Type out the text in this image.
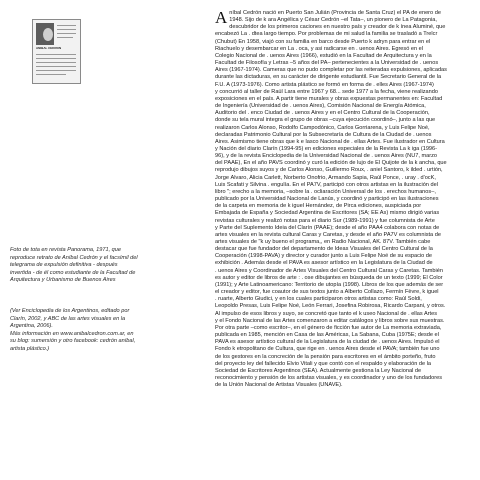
ANIBAL CEDRON
Foto de tota en revista Panorama, 1971, que
reproduce retrato de Aníbal Cedrón y el facsímil del
telegrama de expulsión definitiva - después
invertida - de él como estudiante de la Facultad de
Arquitectura y Urbanismo de Buenos Aires
(Ver Enciclopedia de los Argentinos, editado por
Clarín, 2002, y ABC de las artes visuales en la
Argentina, 2006).
Más información en www.anibalcedron.com.ar, en
su blog: sumersión y otro facebook: cedrón aníbal,
artista plástico.)
A níbal Cedrón nació en Puerto San Julián (Provincia de Santa Cruz) el PA de enero de
1948. Sijo de k ara Angélica y César Cedrón –el Tata–, un pionero de La Patagonia,
descubridor de los primeros caciones en nuestro país y creador de k ínea Aluminé, que
encabezó La . dtea largo tiempo. Por problemas de mi salud la familia se trasladó a Trelcr
(Chubut) En 1958, viajó con su familia en barco desde Puerto k adryn para entrar en el
Riachuelo y desembarcar en La . oca, y asi radicarse en . uenos Aires. Egresó en el
Colegio Nacional de . uenos Aires (1966), estudió en la Facultad de Arquitectura y en la
Facultad de Filosofía y Letras –5 años del PA– pertenecientes a la Universidad de . uenos
Aires (1967-1974). Cameras que no pudo completar por las reiteradas expulsiones, aplicadas
durante las dictaduras, en su carácter de dirigente estudiantil. Fue Secretario General de la
F.U. A (1973-1976). Como artista plástico se formó en forma de . elles Aires (1967-1974)
y concurrió al taller de Raúl Lara entre 1967 y 68... sede 1977 a la fecha, viene realizando
exposiciones en el país. A partir tiene murales y obras expuestas permanentes en: Facultad
de Ingeniería (Universidad de . uenos Aires), Comisión Nacional de Energía Atómica,
Auditorio del . enco Ciudad de . uenos Aires y en el Centro Cultural de la Cooperación,
donde su tela mural integra el grupo de obras –cuya ejecución coordinó–, junto a las que
realizaron Carlos Alonso, Rodolfo Campodónico, Carlos Gorriarena, y Luis Felipe Noé,
declaradas Patrimonio Cultural por la Subsecretaría de Cultura de la Ciudad de . uenos
Aires. Asimismo tiene obras que k e lasco Nacional de . ellas Artes. Fue ilustrador en Cultura
y Nación del diario Clarín (1994-95) en ediciones especiales de la Revista La k iga (1996-
96), y de la revista Enciclopedia de la Universidad Nacional de . uenos Aires (NU7, marzo
del PAAE), En el año PAVS coordinó y curó la edición de lujo de El Quijote de la k ancha, que
reprodujo dibujos suyos y de Carlos Alonso, Guillermo Roux, . aniel Santoro, k ilded . urtión,
Jorge Álvaro, Alicia Carlett, Norberto Onofrio, Armando Sapia, Raúl Ponce, . uray . d'ocK,
Luis Scafati y Silvina . engulía. En el PA7V, participó con otros artistas en la ilustración del
libro "; erecho a la memoria, –sobre la . ocliaración Universal de los . erechos humanos–,
publicado por la Universidad Nacional de Lanús, y coordinó y participó en las ilustraciones
de la carpeta en memoria de k iguel Hernández, de Pirca ediciones, auspiciada por
Embajada de España y Sociedad Argentina de Escritores (SA; EE As) mismo dirigió varias
revistas culturales y realizó notas para el diario Sur (1989-1991) y fue columnista de Arte
y Parte del Suplemento Ideia del Clarín (PAAE); desde el año PAA4 colabora con notas de
artes visuales en la revista cultural Caras y Caretas, y desde el año PA7V es columnista de
artes visuales de "k uy bueno el programa,, en Radio Nacional, AK. 87V. También cabe
destacar que fue fundador del departamento de Ideas Visuales del Centro Cultural de la
Cooperación (1998-PAVA) y director y curador junto a Luis Felipe Noé de su espacio de
exhibición . Además desde el PAVA es asesor artístico en la Legislatura de la Ciudad de
. uenos Aires y Coordinador de Artes Visuales del Centro Cultural Caras y Caretas. También
es autor y editor de libros de arte : . ose dibujantes en búsqueda de un texto (1999; El Color
(1991); y Arte Latinoamericano: Territorio de utopía (1998). Libros de los que además de ser
el creador y editor, fue coautor de sus textos junto a Alberto Collazo, Fermín Fèvre, k iguel
. ruarte, Alberto Giudici, y en los cuales participaron otros artistas como: Raúl Soldi,
Leopoldo Presas, Luis Felipe Noé, León Ferrari, Josefina Robirosa, Ricardo Carpani, y otros.
Al impulso de esos libros y suyo, se concretó que tanto el k useo Nacional de . ellas Artes
y el Fondo Nacional de las Artes comenzaron a editar catálogos y libros sobre sus muestras.
Por otra parte –como escritor–, en el género de ficción fue autor de La memoria extraviada,
publicada en 1985, mención en Casa de las Américas, La Sabana, Cuba (1975E; desde el
PAVA es asesor artístico cultural de la Legislatura de la ciudad de . uenos Aires. Impulsó el
Fondo k etropolitano de Cultura, que rige en . uenos Aires desde el PAVA; también fue uno
de los gestores en la concreción de la pensión para escritores en el ámbito porteño, fruto
del proyecto ley del fallecido Elvio Vitali y que contó con el respaldo y elaboración de la
Sociedad de Escritores Argentinos (SEA). Actualmente gestiona la Ley Nacional de
reconocimiento y pensión de los artistas visuales, y es coordinador y uno de los fundadores
de la Unión Nacional de Artistas Visuales (UNAVE).
